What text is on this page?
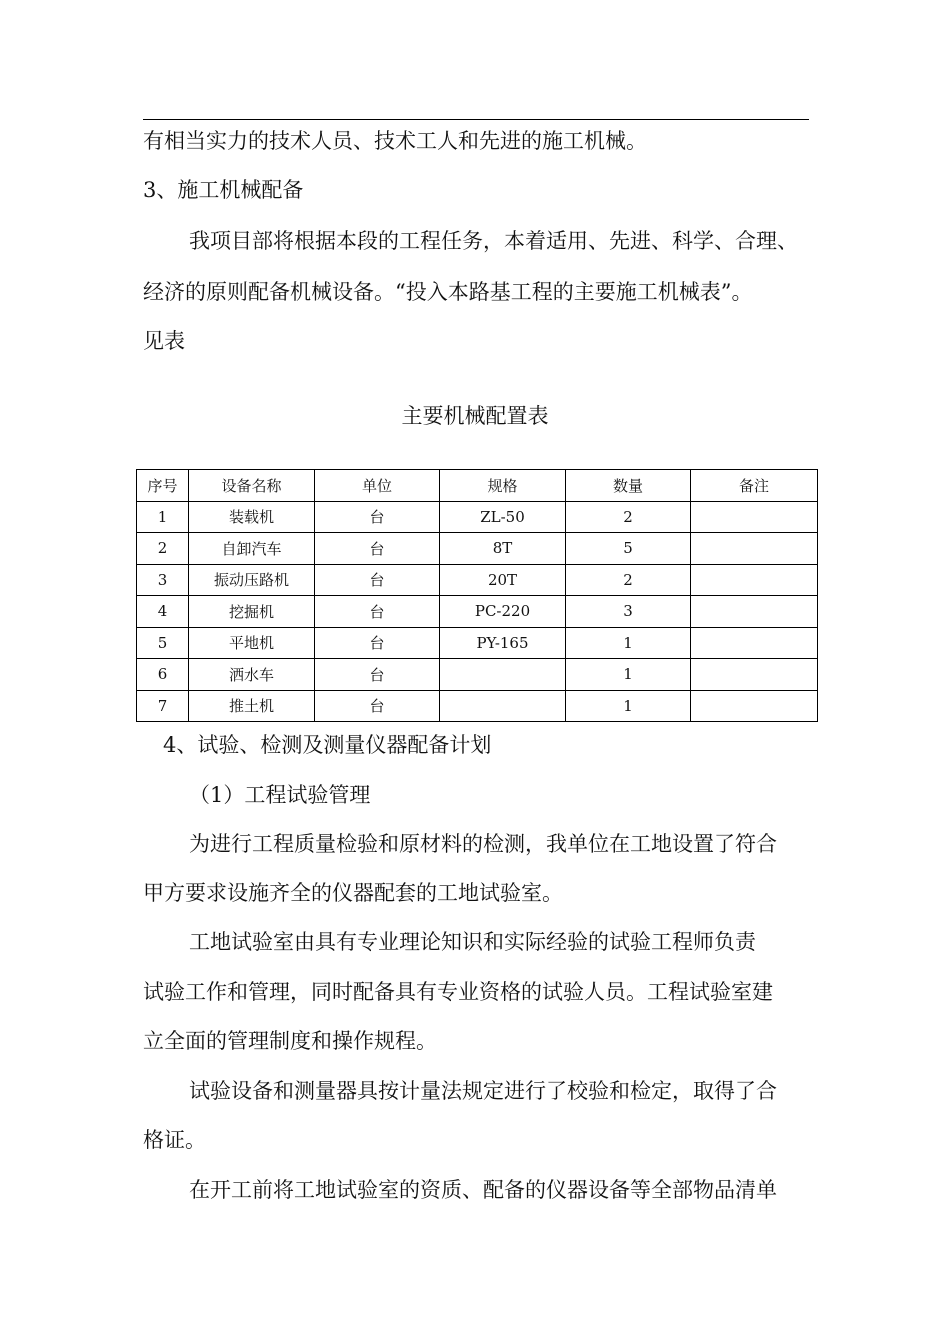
有相当实力的技术人员、技术工人和先进的施工机械。
3、施工机械配备
我项目部将根据本段的工程任务，本着适用、先进、科学、合理、
经济的原则配备机械设备。“投入本路基工程的主要施工机械表”。
见表
主要机械配置表
序号	设备名称	单位	规格	数量	备注
1	装载机	台	ZL-50	2	
2	自卸汽车	台	8T	5	
3	振动压路机	台	20T	2	
4	挖掘机	台	PC-220	3	
5	平地机	台	PY-165	1	
6	洒水车	台		1	
7	推土机	台		1	
4、试验、检测及测量仪器配备计划
（1）工程试验管理
为进行工程质量检验和原材料的检测，我单位在工地设置了符合
甲方要求设施齐全的仪器配套的工地试验室。
工地试验室由具有专业理论知识和实际经验的试验工程师负责
试验工作和管理，同时配备具有专业资格的试验人员。工程试验室建
立全面的管理制度和操作规程。
试验设备和测量器具按计量法规定进行了校验和检定，取得了合
格证。
在开工前将工地试验室的资质、配备的仪器设备等全部物品清单
